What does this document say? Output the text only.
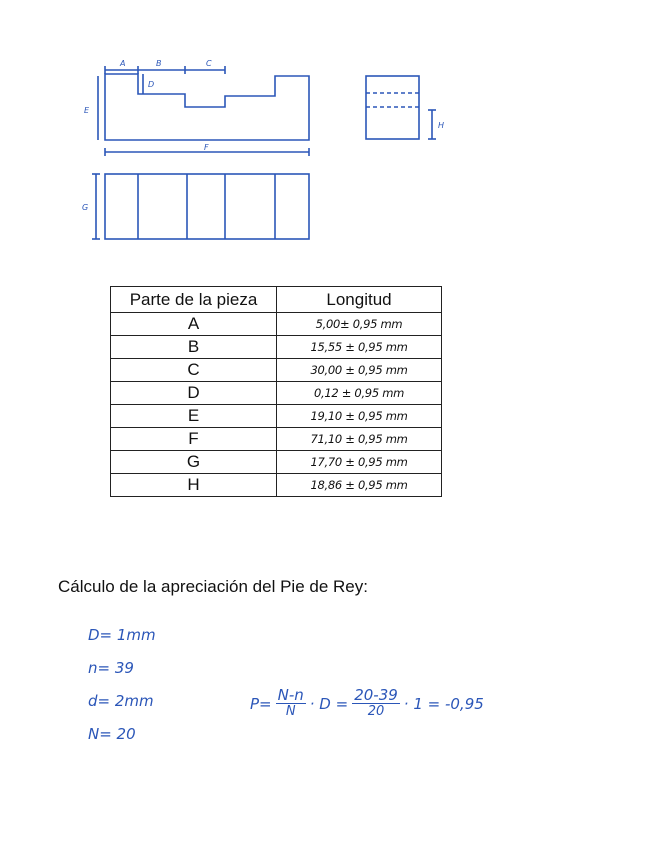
A	B	C
D
E
F
G
H
Parte de la pieza	Longitud
A	5,00± 0,95 mm
B	15,55 ± 0,95 mm
C	30,00 ± 0,95 mm
D	0,12 ± 0,95 mm
E	19,10 ± 0,95 mm
F	71,10 ± 0,95 mm
G	17,70 ± 0,95 mm
H	18,86 ± 0,95 mm

Cálculo de la apreciación del Pie de Rey:

D= 1mm
n= 39
d= 2mm
N= 20
$P= \frac{N-n}{N} \cdot D = \frac{20-39}{20} \cdot 1 = -0,95$
